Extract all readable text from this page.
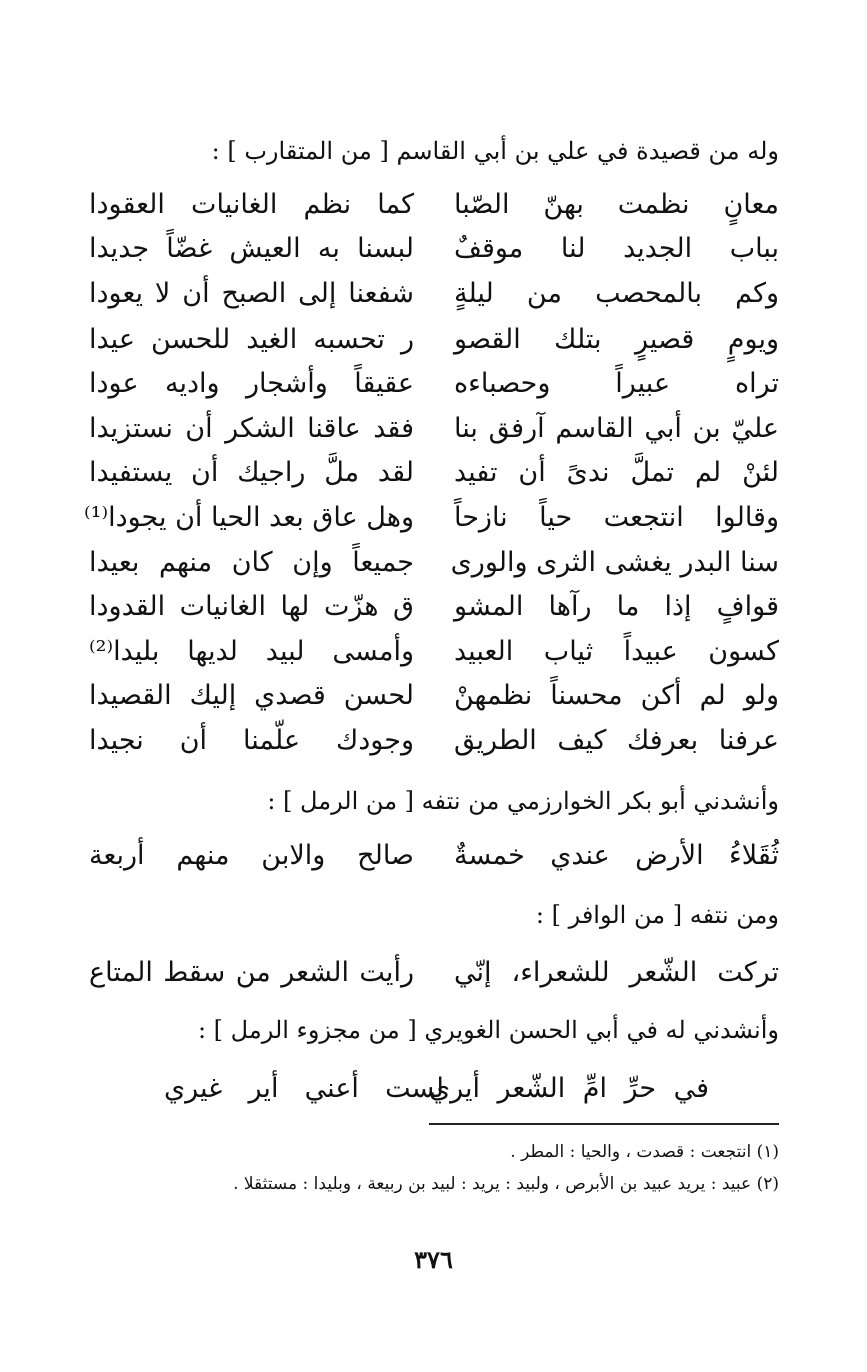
وله من قصيدة في علي بن أبي القاسم [ من المتقارب ] :
معانٍ نظمت بهنّ الصّبا
كما نظم الغانيات العقودا
بباب الجديد لنا موقفٌ
لبسنا به العيش غضّاً جديدا
وكم بالمحصب من ليلةٍ
شفعنا إلى الصبح أن لا يعودا
ويومٍ قصيرٍ بتلك القصو
ر تحسبه الغيد للحسن عيدا
تراه عبيراً وحصباءه
عقيقاً وأشجار واديه عودا
عليّ بن أبي القاسم آرفق بنا
فقد عاقنا الشكر أن نستزيدا
لئنْ لم تملَّ ندىً أن تفيد
لقد ملَّ راجيك أن يستفيدا
وقالوا انتجعت حياً نازحاً
وهل عاق بعد الحيا أن يجودا⁽¹⁾
سنا البدر يغشى الثرى والورى
جميعاً وإن كان منهم بعيدا
قوافٍ إذا ما رآها المشو
ق هزّت لها الغانيات القدودا
كسون عبيداً ثياب العبيد
وأمسى لبيد لديها بليدا⁽²⁾
ولو لم أكن محسناً نظمهنْ
لحسن قصدي إليك القصيدا
عرفنا بعرفك كيف الطريق
وجودك علّمنا أن نجيدا
وأنشدني أبو بكر الخوارزمي من نتفه [ من الرمل ] :
ثُقَلاءُ الأرض عندي خمسةٌ
صالح والابن منهم أربعة
ومن نتفه [ من الوافر ] :
تركت الشّعر للشعراء، إنّي
رأيت الشعر من سقط المتاع
وأنشدني له في أبي الحسن الغويري [ من مجزوء الرمل ] :
في حرِّ امِّ الشّعر أيري
لست أعني أير غيري
(١) انتجعت : قصدت ، والحيا : المطر .
(٢) عبيد : يريد عبيد بن الأبرص ، ولبيد : يريد : لبيد بن ربيعة ، وبليدا : مستثقلا .
٣٧٦
